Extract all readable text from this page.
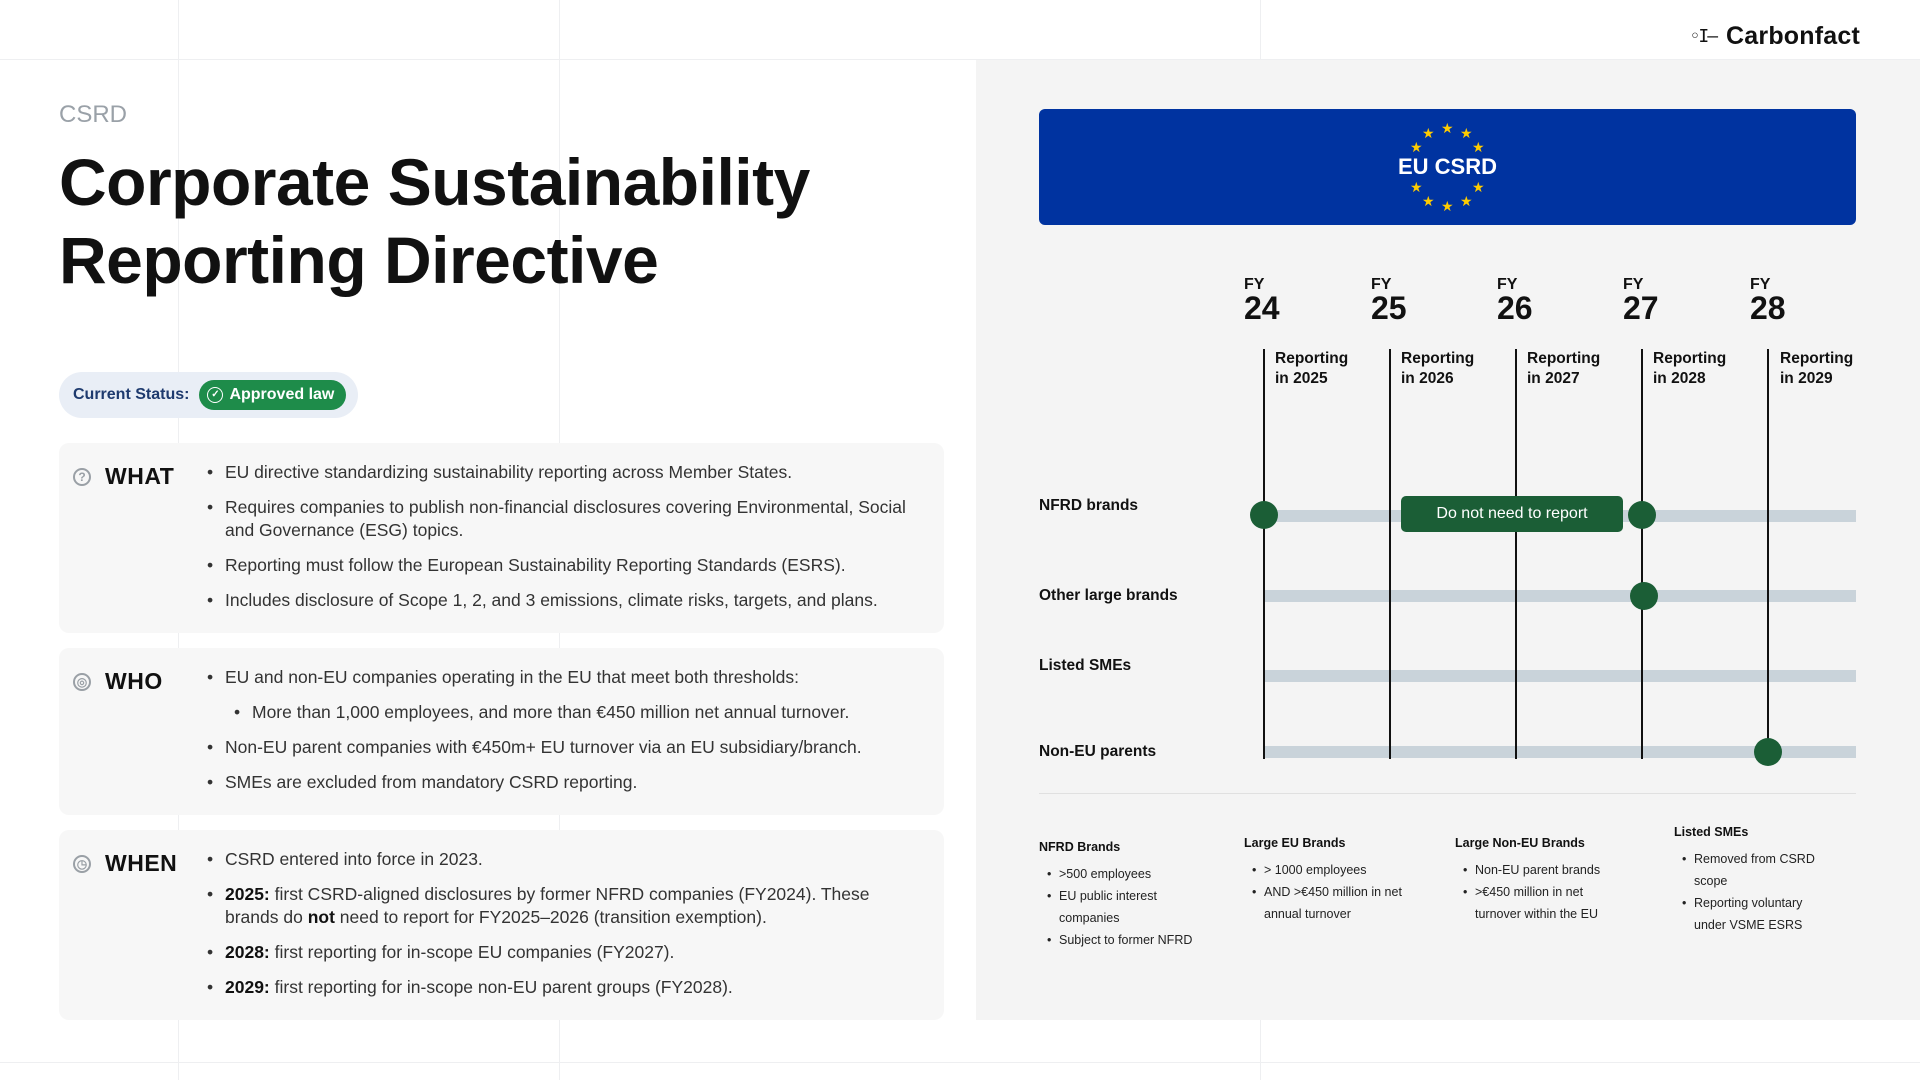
◦I— Carbonfact
CSRD
Corporate Sustainability Reporting Directive
Current Status:	✓ Approved law
? WHAT	• EU directive standardizing sustainability reporting across Member States.
• Requires companies to publish non-financial disclosures covering Environmental, Social and Governance (ESG) topics.
• Reporting must follow the European Sustainability Reporting Standards (ESRS).
• Includes disclosure of Scope 1, 2, and 3 emissions, climate risks, targets, and plans.
◎ WHO	• EU and non-EU companies operating in the EU that meet both thresholds:
• More than 1,000 employees, and more than €450 million net annual turnover.
• Non-EU parent companies with €450m+ EU turnover via an EU subsidiary/branch.
• SMEs are excluded from mandatory CSRD reporting.
◷ WHEN	• CSRD entered into force in 2023.
• 2025: first CSRD-aligned disclosures by former NFRD companies (FY2024). These brands do not need to report for FY2025–2026 (transition exemption).
• 2028: first reporting for in-scope EU companies (FY2027).
• 2029: first reporting for in-scope non-EU parent groups (FY2028).
EU CSRD
★ ★
★
★
★
★
★
★
★
★
FY
24
FY
25
FY
26
FY
27
FY
28
Reporting in 2025
Reporting in 2026
Reporting in 2027
Reporting in 2028
Reporting in 2029
NFRD brands
Other large brands
Listed SMEs
Non-EU parents
Do not need to report
NFRD Brands
• >500 employees
• EU public interest companies
• Subject to former NFRD
Large EU Brands
• > 1000 employees
• AND >€450 million in net annual turnover
Large Non-EU Brands
• Non-EU parent brands
• >€450 million in net turnover within the EU
Listed SMEs
• Removed from CSRD scope
• Reporting voluntary under VSME ESRS
